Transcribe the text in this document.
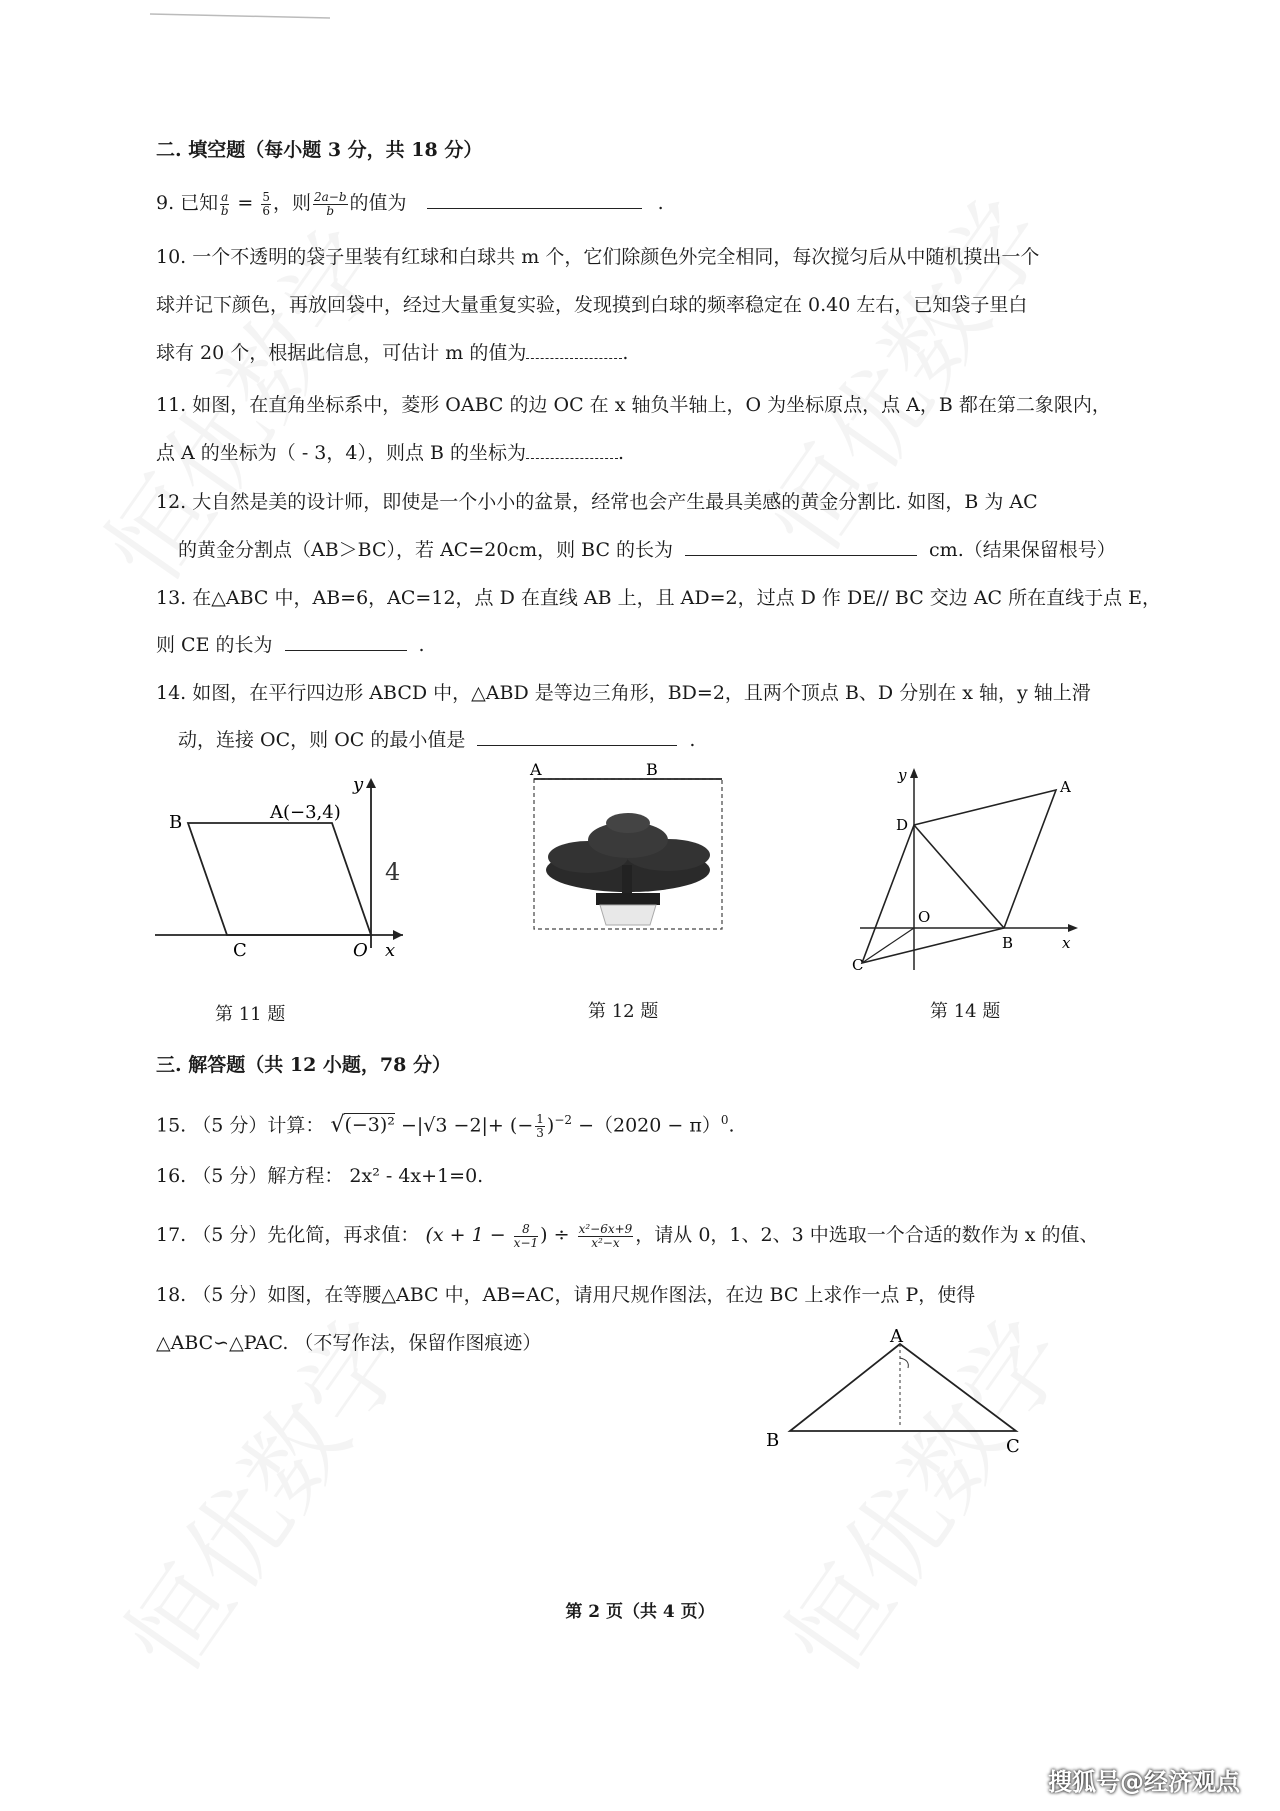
二. 填空题（每小题 3 分，共 18 分）
9. 已知 $\frac{a}{b} = \frac{5}{6}$ ，则 $\frac{2a-b}{b}$ 的值为	.
10. 一个不透明的袋子里装有红球和白球共 m 个，它们除颜色外完全相同，每次搅匀后从中随机摸出一个
球并记下颜色，再放回袋中，经过大量重复实验，发现摸到白球的频率稳定在 0.40 左右，已知袋子里白
球有 20 个，根据此信息，可估计 m 的值为	.
11. 如图，在直角坐标系中，菱形 OABC 的边 OC 在 x 轴负半轴上，O 为坐标原点，点 A，B 都在第二象限内，
点 A 的坐标为（ - 3，4），则点 B 的坐标为	.
12. 大自然是美的设计师，即使是一个小小的盆景，经常也会产生最具美感的黄金分割比. 如图，B 为 AC
的黄金分割点（AB＞BC），若 AC=20cm，则 BC 的长为	cm.（结果保留根号）
13. 在△ABC 中，AB=6，AC=12，点 D 在直线 AB 上，且 AD=2，过点 D 作 DE// BC 交边 AC 所在直线于点 E，
则 CE 的长为	.
14. 如图，在平行四边形 ABCD 中，△ABD 是等边三角形，BD=2，且两个顶点 B、D 分别在 x 轴，y 轴上滑
动，连接 OC，则 OC 的最小值是	.
A(−3,4)
B
C	O x
y
4
第 11 题
A	B
第 12 题
D
A
B
C
O
x
y
第 14 题
三. 解答题（共 12 小题，78 分）
15. （5 分）计算： √(−3)² −|√3 −2|+ (− $\frac{1}{3} )^{-2} -(2020 - \pi)^0$.
16. （5 分）解方程： 2x² - 4x+1=0.
17. （5 分）先化简，再求值： ($x + 1 - \frac{8}{x-1}$ ) ÷ $\frac{\text{x²−6x+9}}{\text{x²−x}}$ ，请从 0，1、2、3 中选取一个合适的数作为 x 的值、
18. （5 分）如图，在等腰△ABC 中，AB=AC，请用尺规作图法，在边 BC 上求作一点 P，使得
△ABC∽△PAC. （不写作法，保留作图痕迹）	A
B	C
第 2 页（共 4 页）
搜狐号@经济观点
